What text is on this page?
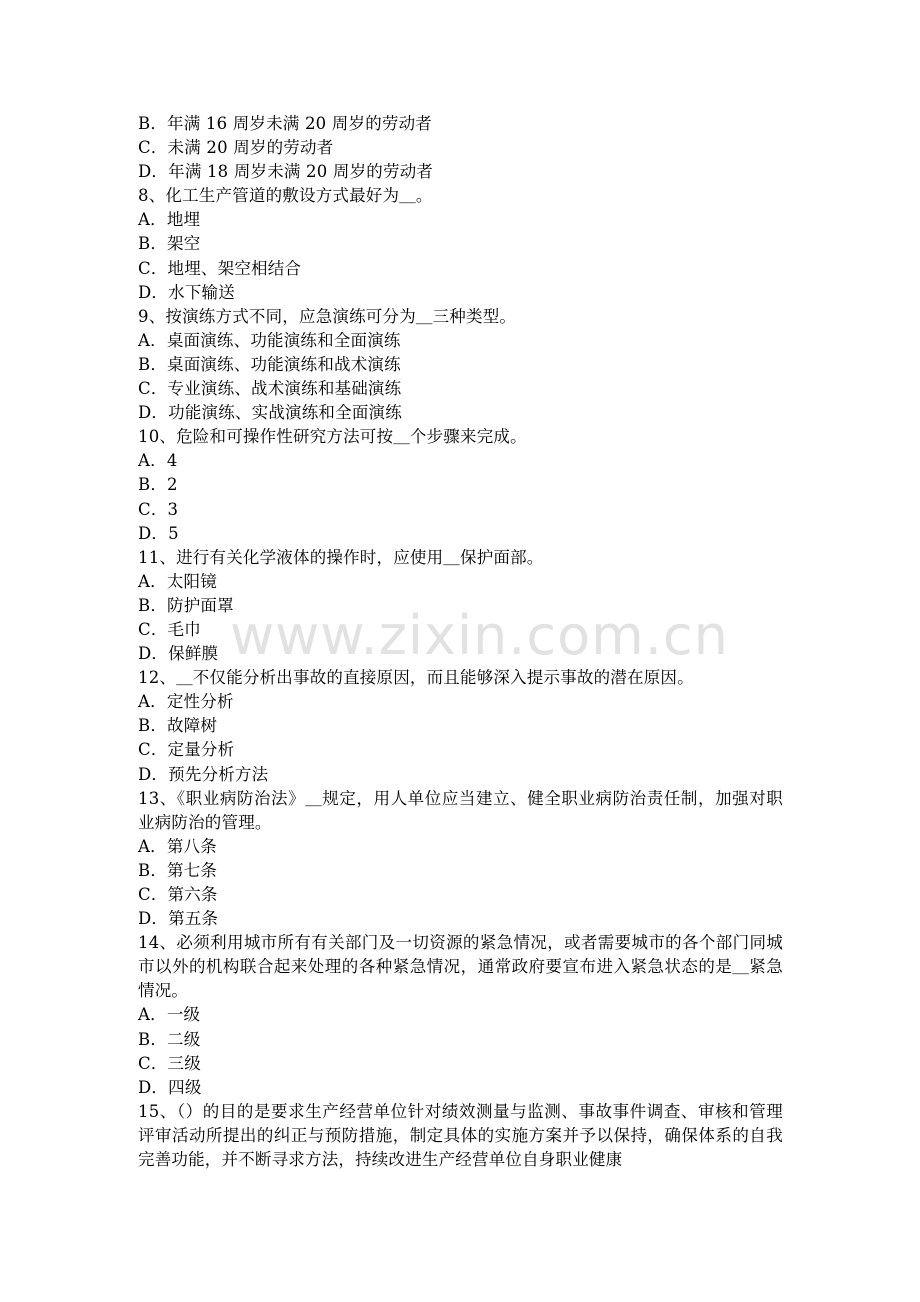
B．年满 16 周岁未满 20 周岁的劳动者
C．未满 20 周岁的劳动者
D．年满 18 周岁未满 20 周岁的劳动者
8、化工生产管道的敷设方式最好为＿。
A．地埋
B．架空
C．地埋、架空相结合
D．水下输送
9、按演练方式不同，应急演练可分为＿三种类型。
A．桌面演练、功能演练和全面演练
B．桌面演练、功能演练和战术演练
C．专业演练、战术演练和基础演练
D．功能演练、实战演练和全面演练
10、危险和可操作性研究方法可按＿个步骤来完成。
A．4
B．2
C．3
D．5
11、进行有关化学液体的操作时，应使用＿保护面部。
A．太阳镜
B．防护面罩
C．毛巾
D．保鲜膜
12、＿不仅能分析出事故的直接原因，而且能够深入提示事故的潜在原因。
A．定性分析
B．故障树
C．定量分析
D．预先分析方法
13、《职业病防治法》＿规定，用人单位应当建立、健全职业病防治责任制，加强对职业病防治的管理。
A．第八条
B．第七条
C．第六条
D．第五条
14、必须利用城市所有有关部门及一切资源的紧急情况，或者需要城市的各个部门同城市以外的机构联合起来处理的各种紧急情况，通常政府要宣布进入紧急状态的是＿紧急情况。
A．一级
B．二级
C．三级
D．四级
15、（）的目的是要求生产经营单位针对绩效测量与监测、事故事件调查、审核和管理评审活动所提出的纠正与预防措施，制定具体的实施方案并予以保持，确保体系的自我完善功能，并不断寻求方法，持续改进生产经营单位自身职业健康
www.zixin.com.cn
